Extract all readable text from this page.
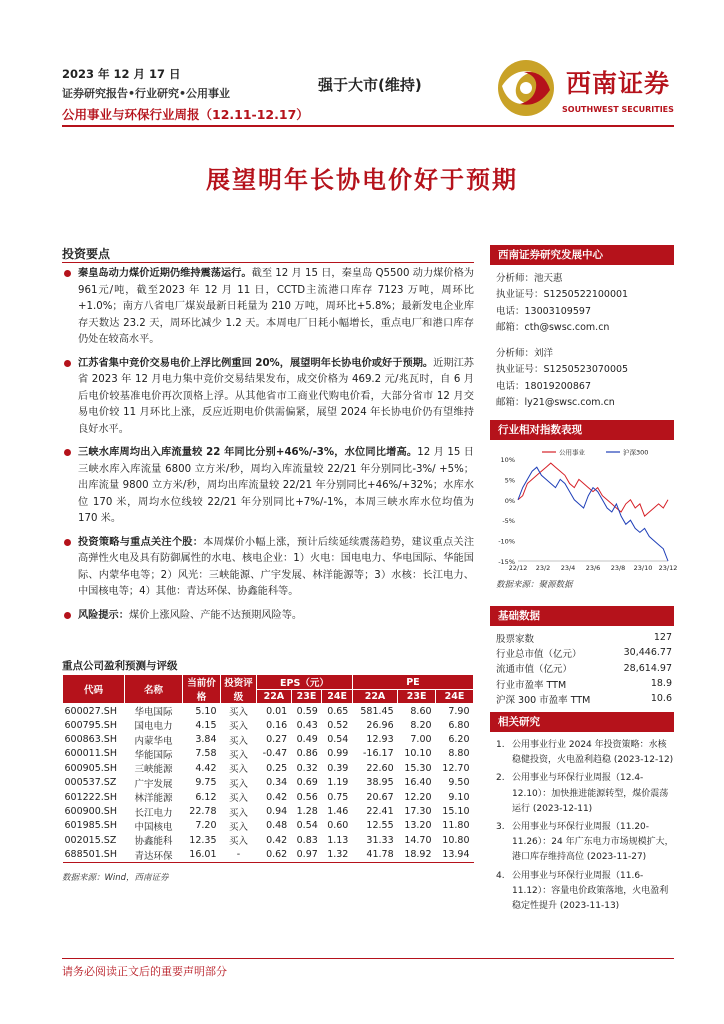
2023 年 12 月 17 日
证券研究报告•行业研究•公用事业
公用事业与环保行业周报（12.11-12.17）
强于大市(维持)	西南证券
SOUTHWEST SECURITIES
展望明年长协电价好于预期
投资要点
秦皇岛动力煤价近期仍维持震荡运行。截至 12 月 15 日，秦皇岛 Q5500 动力煤价格为 961元/吨，截至2023 年 12 月 11 日，CCTD主流港口库存 7123 万吨，周环比+1.0%；南方八省电厂煤炭最新日耗量为 210 万吨，周环比+5.8%；最新发电企业库存天数达 23.2 天，周环比减少 1.2 天。本周电厂日耗小幅增长，重点电厂和港口库存仍处在较高水平。
江苏省集中竞价交易电价上浮比例重回 20%，展望明年长协电价或好于预期。近期江苏省 2023 年 12 月电力集中竞价交易结果发布，成交价格为 469.2 元/兆瓦时，自 6 月后电价较基准电价再次顶格上浮。从其他省市工商业代购电价看，大部分省市 12 月交易电价较 11 月环比上涨，反应近期电价供需偏紧，展望 2024 年长协电价仍有望维持良好水平。
三峡水库周均出入库流量较 22 年同比分别+46%/-3%，水位同比增高。12 月 15 日三峡水库入库流量 6800 立方米/秒，周均入库流量较 22/21 年分别同比-3%/ +5%；出库流量 9800 立方米/秒，周均出库流量较 22/21 年分别同比+46%/+32%；水库水位 170 米，周均水位线较 22/21 年分别同比+7%/-1%，本周三峡水库水位均值为 170 米。
投资策略与重点关注个股：本周煤价小幅上涨，预计后续延续震荡趋势，建议重点关注高弹性火电及具有防御属性的水电、核电企业：1）火电：国电电力、华电国际、华能国际、内蒙华电等；2）风光：三峡能源、广宇发展、林洋能源等；3）水核：长江电力、中国核电等；4）其他：青达环保、协鑫能科等。
风险提示：煤价上涨风险、产能不达预期风险等。
重点公司盈利预测与评级
代码	名称	当前价格	投资评级	EPS（元）			PE		
				22A	23E	24E	22A	23E	24E
600027.SH	华电国际	5.10	买入	0.01	0.59	0.65	581.45	8.60	7.90
600795.SH	国电电力	4.15	买入	0.16	0.43	0.52	26.96	8.20	6.80
600863.SH	内蒙华电	3.84	买入	0.27	0.49	0.54	12.93	7.00	6.20
600011.SH	华能国际	7.58	买入	-0.47	0.86	0.99	-16.17	10.10	8.80
600905.SH	三峡能源	4.42	买入	0.25	0.32	0.39	22.60	15.30	12.70
000537.SZ	广宇发展	9.75	买入	0.34	0.69	1.19	38.95	16.40	9.50
601222.SH	林洋能源	6.12	买入	0.42	0.56	0.75	20.67	12.20	9.10
600900.SH	长江电力	22.78	买入	0.94	1.28	1.46	22.41	17.30	15.10
601985.SH	中国核电	7.20	买入	0.48	0.54	0.60	12.55	13.20	11.80
002015.SZ	协鑫能科	12.35	买入	0.42	0.83	1.13	31.33	14.70	10.80
688501.SH	青达环保	16.01	-	0.62	0.97	1.32	41.78	18.92	13.94
数据来源：Wind，西南证券
西南证券研究发展中心
分析师：池天惠
执业证号：S1250522100001
电话：13003109597
邮箱：cth@swsc.com.cn
分析师：刘洋
执业证号：S1250523070005
电话：18019200867
邮箱：ly21@swsc.com.cn
行业相对指数表现
10%
5%
0%
-5%
-10%
-15%
22/12 23/2 23/4 23/6 23/8 23/10 23/12
公用事业	沪深300
数据来源：聚源数据
基础数据
股票家数	127
行业总市值（亿元）	30,446.77
流通市值（亿元）	28,614.97
行业市盈率 TTM	18.9
沪深 300 市盈率 TTM	10.6
相关研究
1. 公用事业行业 2024 年投资策略：水核稳健投资，火电盈利趋稳 (2023-12-12)
2. 公用事业与环保行业周报（12.4-12.10）：加快推进能源转型，煤价震荡运行 (2023-12-11)
3. 公用事业与环保行业周报（11.20-11.26）：24 年广东电力市场规模扩大，港口库存维持高位 (2023-11-27)
4. 公用事业与环保行业周报（11.6-11.12）：容量电价政策落地，火电盈利稳定性提升 (2023-11-13)
请务必阅读正文后的重要声明部分
